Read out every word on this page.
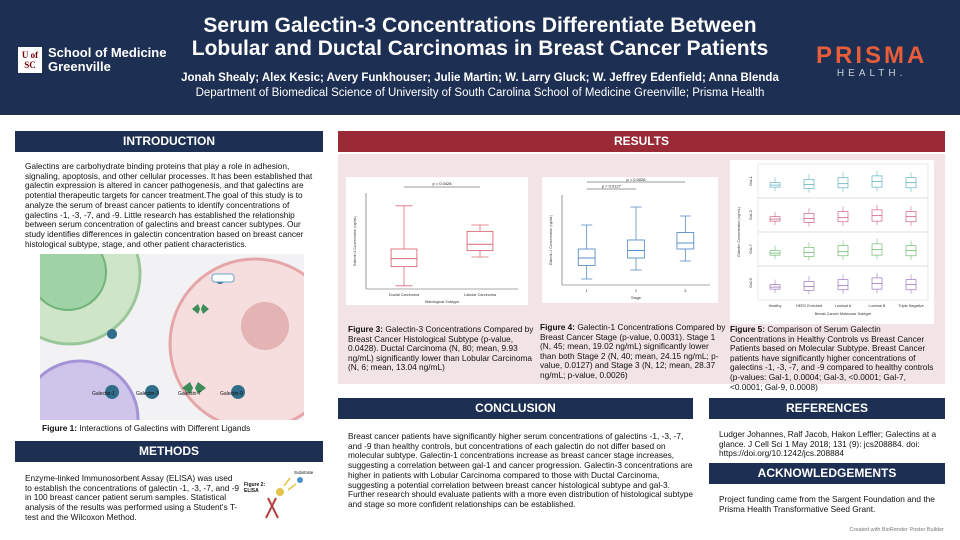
U of SC
School of Medicine
Greenville
Serum Galectin-3 Concentrations Differentiate Between
Lobular and Ductal Carcinomas in Breast Cancer Patients
Jonah Shealy; Alex Kesic; Avery Funkhouser; Julie Martin; W. Larry Gluck; W. Jeffrey Edenfield; Anna Blenda
Department of Biomedical Science of University of South Carolina School of Medicine Greenville; Prisma Health
PRISMA
HEALTH.
INTRODUCTION
Galectins are carbohydrate binding proteins that play a role in adhesion, signaling, apoptosis, and other cellular processes. It has been established that galectin expression is altered in cancer pathogenesis, and that galectins are potential therapeutic targets for cancer treatment.The goal of this study is to analyze the serum of breast cancer patients to identify concentrations of galectins -1, -3, -7, and -9. Little research has established the relationship between serum concentration of galectins and breast cancer subtypes. Our study identifies differences in galectin concentration based on breast cancer histological subtype, stage, and other patient characteristics.
Galectin-1	Galectin-3	Galectin-7	Galectin-9
Figure 1: Interactions of Galectins with Different Ligands
METHODS
Enzyme-linked Immunosorbent Assay (ELISA) was used to establish the concentrations of galectin -1, -3, -7, and -9 in 100 breast cancer patient serum samples. Statistical analysis of the results was performed using a Student's T-test and the Wilcoxon Method.
Figure 2: ELISA
Substrate
RESULTS
Ductal Carcinoma	Lobular Carcinoma
Histological Subtype
Galectin-3 Concentration (ng/mL)
p = 0.0428
1	2	3
Stage
Galectin-1 Concentration (ng/mL)
p = 0.0127
p = 0.0026	Gal-1
Gal-3
Gal-7
Gal-9
Healthy	HER2 Enriched	Luminal A	Luminal B	Triple Negative
Breast Cancer Molecular Subtype
Galectin Concentration (ng/mL)
Figure 3: Galectin-3 Concentrations Compared by Breast Cancer Histological Subtype (p-value, 0.0428). Ductal Carcinoma (N, 80; mean, 9.93 ng/mL) significantly lower than Lobular Carcinoma (N, 6; mean, 13.04 ng/mL)
Figure 4: Galectin-1 Concentrations Compared by Breast Cancer Stage (p-value, 0.0031). Stage 1 (N, 45; mean, 19.02 ng/mL) significantly lower than both Stage 2 (N, 40; mean, 24.15 ng/mL; p-value, 0.0127) and Stage 3 (N, 12; mean, 28.37 ng/mL; p-value, 0.0026)
Figure 5: Comparison of Serum Galectin Concentrations in Healthy Controls vs Breast Cancer Patients based on Molecular Subtype. Breast Cancer patients have significantly higher concentrations of galectins -1, -3, -7, and -9 compared to healthy controls (p-values: Gal-1, 0.0004; Gal-3, <0.0001; Gal-7, <0.0001; Gal-9, 0.0008)
CONCLUSION
Breast cancer patients have significantly higher serum concentrations of galectins -1, -3, -7, and -9 than healthy controls, but concentrations of each galectin do not differ based on molecular subtype. Galectin-1 concentrations increase as breast cancer stage increases, suggesting a correlation between gal-1 and cancer progression. Galectin-3 concentrations are higher in patients with Lobular Carcinoma compared to those with Ductal Carcinoma, suggesting a potential correlation between breast cancer histological subtype and gal-3. Further research should evaluate patients with a more even distribution of histological subtype and stage so more confident relationships can be established.
REFERENCES
Ludger Johannes, Ralf Jacob, Hakon Leffler; Galectins at a glance. J Cell Sci 1 May 2018; 131 (9): jcs208884. doi: https://doi.org/10.1242/jcs.208884
ACKNOWLEDGEMENTS
Project funding came from the Sargent Foundation and the Prisma Health Transformative Seed Grant.
Created with BioRender Poster Builder
